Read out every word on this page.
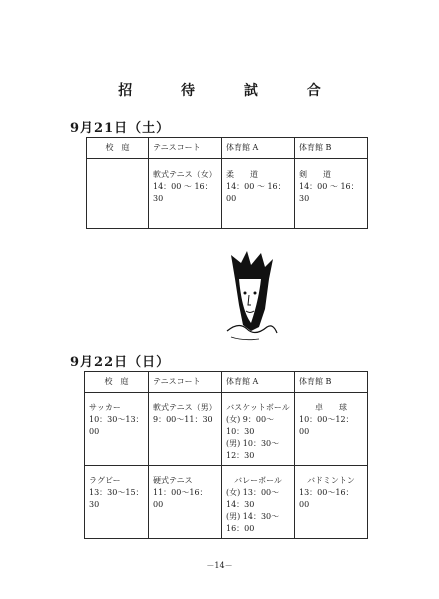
招 待 試 合
9月21日（土）
校　庭	テニスコート	体育館 A	体育館 B

	軟式テニス（女）
14：00 ～ 16：30	柔　　道
14：00 ～ 16：00	剣　　道
14：00 ～ 16：30
9月22日（日）
校　庭	テニスコート	体育館 A	体育館 B

サッカー
10：30～13：00	軟式テニス（男）
9：00～11：30	バスケットボール
(女) 9：00～10：30
(男) 10：30～12：30	卓　　球
10：00～12：00

ラグビー
13：30～15：30	硬式テニス
11：00～16：00	バレーボール
(女) 13：00～14：30
(男) 14：30～16：00	バドミントン
13：00～16：00
－14－
